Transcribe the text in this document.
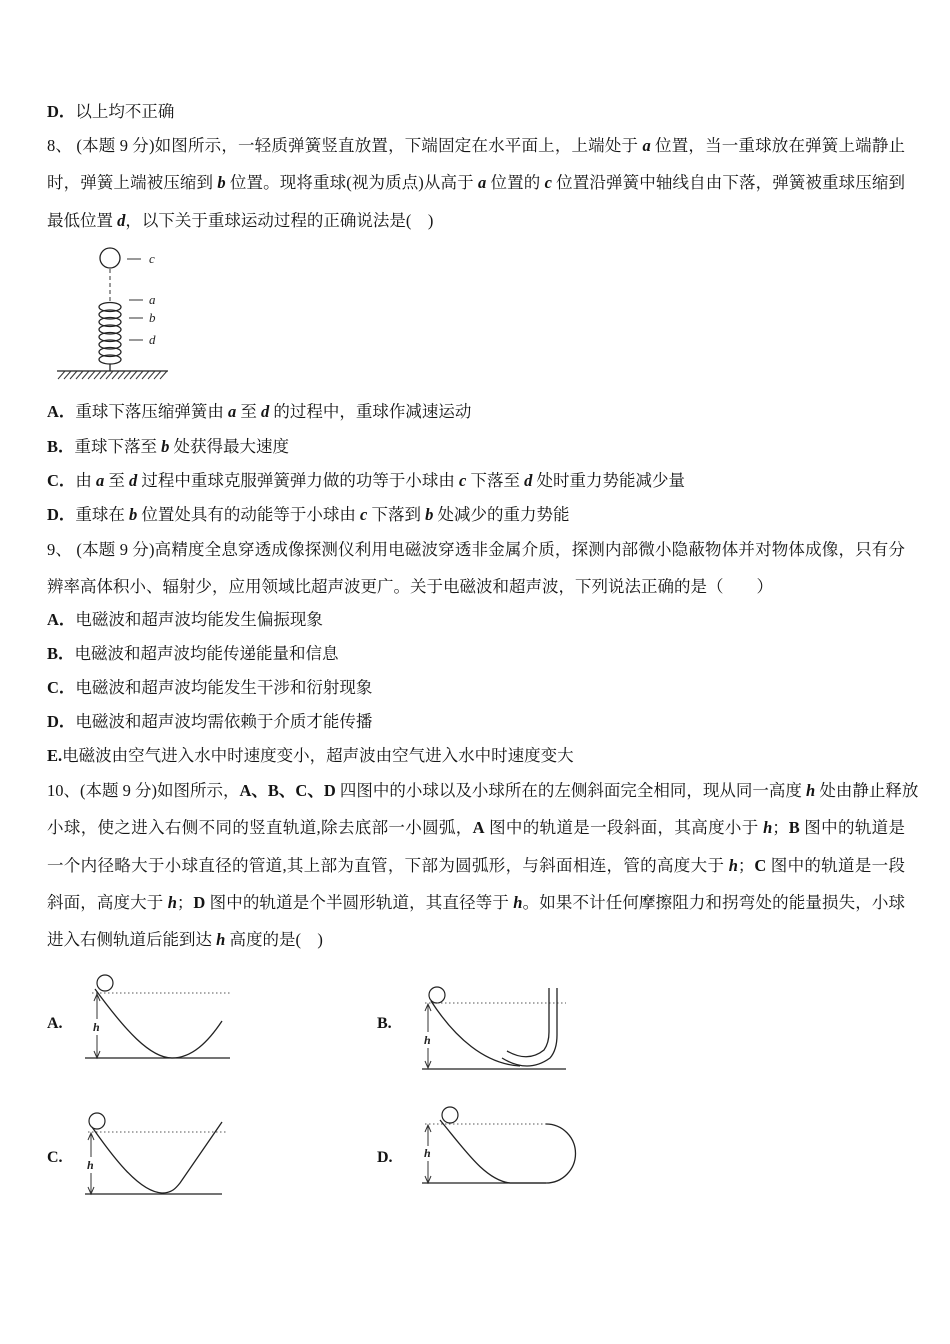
D．以上均不正确
8、 (本题 9 分)如图所示，一轻质弹簧竖直放置，下端固定在水平面上，上端处于 a 位置，当一重球放在弹簧上端静止
时，弹簧上端被压缩到 b 位置。现将重球(视为质点)从高于 a 位置的 c 位置沿弹簧中轴线自由下落，弹簧被重球压缩到
最低位置 d，以下关于重球运动过程的正确说法是(    )
A．重球下落压缩弹簧由 a 至 d 的过程中，重球作减速运动
B．重球下落至 b 处获得最大速度
C．由 a 至 d 过程中重球克服弹簧弹力做的功等于小球由 c 下落至 d 处时重力势能减少量
D．重球在 b 位置处具有的动能等于小球由 c 下落到 b 处减少的重力势能
9、 (本题 9 分)高精度全息穿透成像探测仪利用电磁波穿透非金属介质，探测内部微小隐蔽物体并对物体成像，只有分
辨率高体积小、辐射少，应用领域比超声波更广。关于电磁波和超声波，下列说法正确的是（        ）
A．电磁波和超声波均能发生偏振现象
B．电磁波和超声波均能传递能量和信息
C．电磁波和超声波均能发生干涉和衍射现象
D．电磁波和超声波均需依赖于介质才能传播
E.电磁波由空气进入水中时速度变小，超声波由空气进入水中时速度变大
10、(本题 9 分)如图所示，A、B、C、D 四图中的小球以及小球所在的左侧斜面完全相同，现从同一高度 h 处由静止释放
小球，使之进入右侧不同的竖直轨道,除去底部一小圆弧，A 图中的轨道是一段斜面，其高度小于 h；B 图中的轨道是
一个内径略大于小球直径的管道,其上部为直管，下部为圆弧形，与斜面相连，管的高度大于 h；C 图中的轨道是一段
斜面，高度大于 h；D 图中的轨道是个半圆形轨道，其直径等于 h。如果不计任何摩擦阻力和拐弯处的能量损失，小球
进入右侧轨道后能到达 h 高度的是(    )
A.	B.
C.	D.
c
a
b
d
h
h
h
h
